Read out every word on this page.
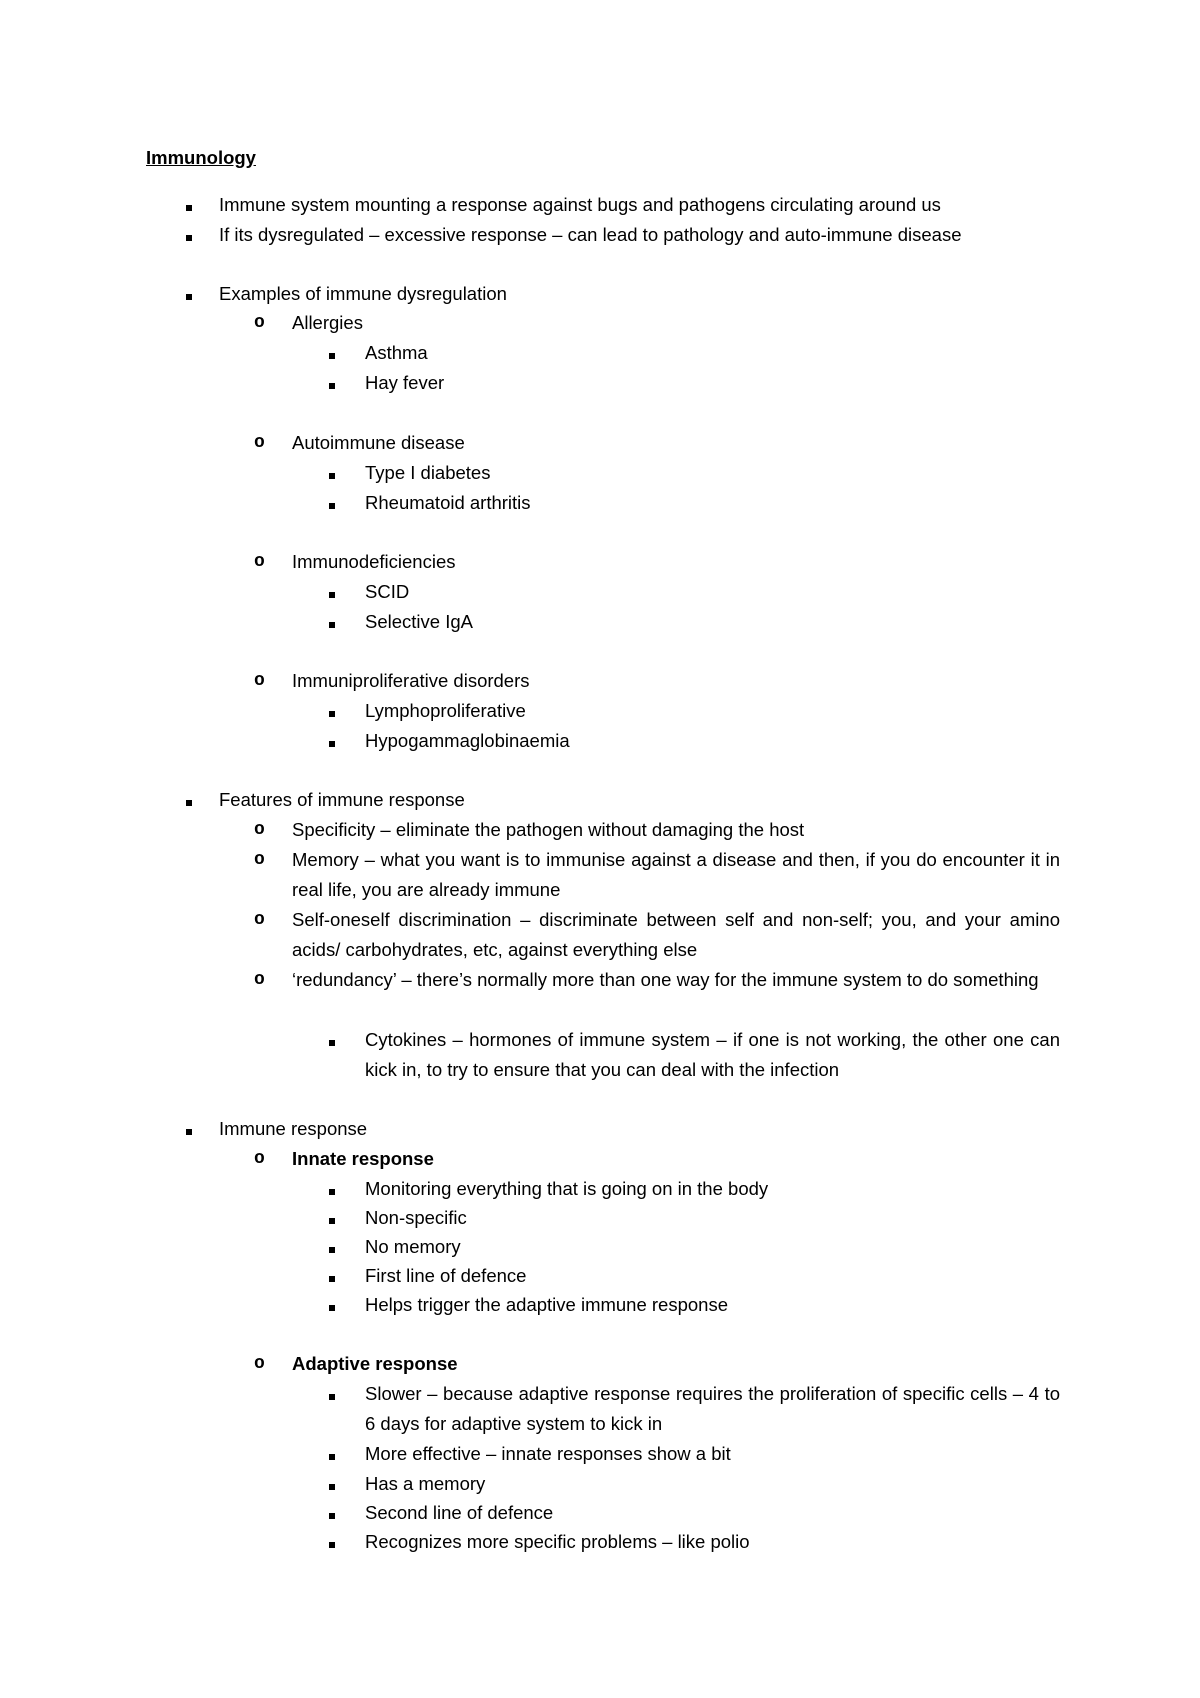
Immunology
Immune system mounting a response against bugs and pathogens circulating around us
If its dysregulated – excessive response – can lead to pathology and auto-immune disease
Examples of immune dysregulation
o Allergies
Asthma
Hay fever
o Autoimmune disease
Type I diabetes
Rheumatoid arthritis
o Immunodeficiencies
SCID
Selective IgA
o Immuniproliferative disorders
Lymphoproliferative
Hypogammaglobinaemia
Features of immune response
o Specificity – eliminate the pathogen without damaging the host
o Memory – what you want is to immunise against a disease and then, if you do encounter it in real life, you are already immune
o Self-oneself discrimination – discriminate between self and non-self; you, and your amino acids/ carbohydrates, etc, against everything else
o ‘redundancy’ – there’s normally more than one way for the immune system to do something
Cytokines – hormones of immune system – if one is not working, the other one can kick in, to try to ensure that you can deal with the infection
Immune response
o Innate response
Monitoring everything that is going on in the body
Non-specific
No memory
First line of defence
Helps trigger the adaptive immune response
o Adaptive response
Slower – because adaptive response requires the proliferation of specific cells – 4 to 6 days for adaptive system to kick in
More effective – innate responses show a bit
Has a memory
Second line of defence
Recognizes more specific problems – like polio
